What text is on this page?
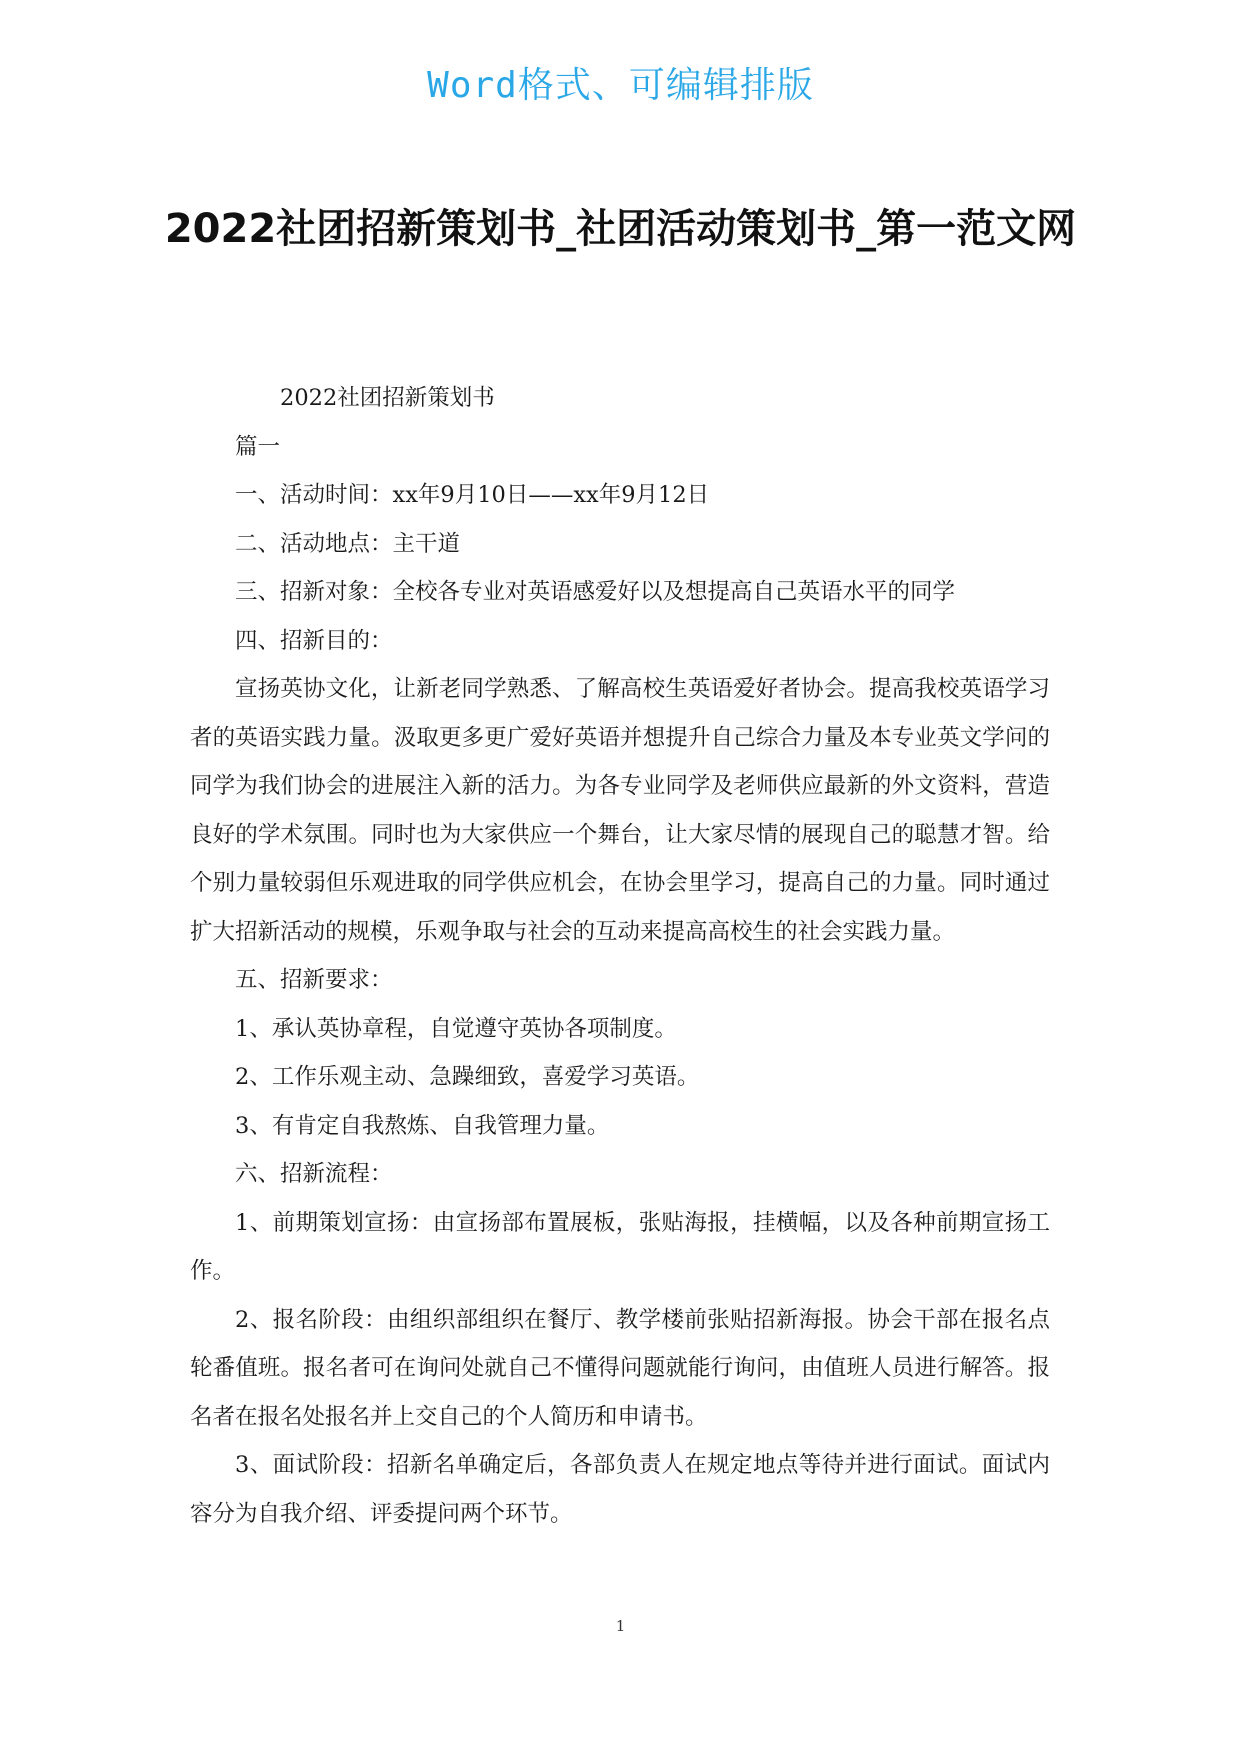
Word格式、可编辑排版
2022社团招新策划书_社团活动策划书_第一范文网

2022社团招新策划书

篇一

一、活动时间：xx年9月10日——xx年9月12日

二、活动地点：主干道

三、招新对象：全校各专业对英语感爱好以及想提高自己英语水平的同学

四、招新目的：

宣扬英协文化，让新老同学熟悉、了解高校生英语爱好者协会。提高我校英语学习者的英语实践力量。汲取更多更广爱好英语并想提升自己综合力量及本专业英文学问的同学为我们协会的进展注入新的活力。为各专业同学及老师供应最新的外文资料，营造良好的学术氛围。同时也为大家供应一个舞台，让大家尽情的展现自己的聪慧才智。给个别力量较弱但乐观进取的同学供应机会，在协会里学习，提高自己的力量。同时通过扩大招新活动的规模，乐观争取与社会的互动来提高高校生的社会实践力量。

五、招新要求：

1、承认英协章程，自觉遵守英协各项制度。

2、工作乐观主动、急躁细致，喜爱学习英语。

3、有肯定自我熬炼、自我管理力量。

六、招新流程：

1、前期策划宣扬：由宣扬部布置展板，张贴海报，挂横幅，以及各种前期宣扬工作。

2、报名阶段：由组织部组织在餐厅、教学楼前张贴招新海报。协会干部在报名点轮番值班。报名者可在询问处就自己不懂得问题就能行询问，由值班人员进行解答。报名者在报名处报名并上交自己的个人简历和申请书。

3、面试阶段：招新名单确定后，各部负责人在规定地点等待并进行面试。面试内容分为自我介绍、评委提问两个环节。

1
